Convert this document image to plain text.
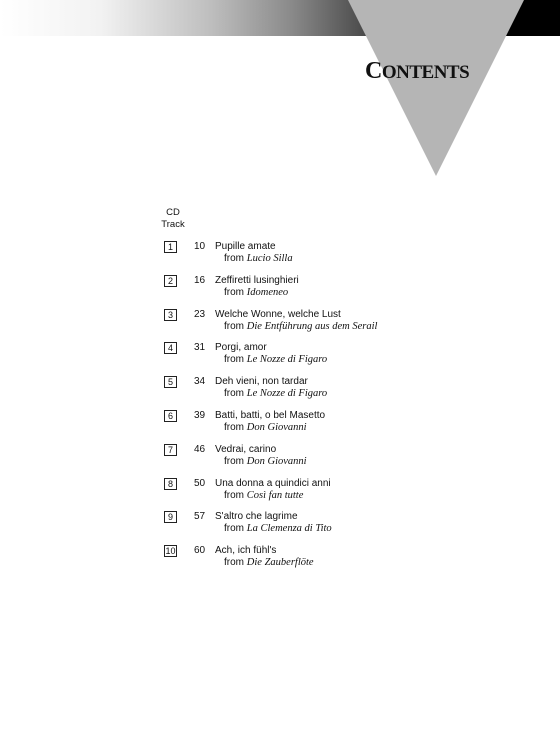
CONTENTS
CD
Track
1	10 Pupille amate
from Lucio Silla
2	16 Zeffiretti lusinghieri
from Idomeneo
3	23 Welche Wonne, welche Lust
from Die Entführung aus dem Serail
4	31 Porgi, amor
from Le Nozze di Figaro
5	34 Deh vieni, non tardar
from Le Nozze di Figaro
6	39 Batti, batti, o bel Masetto
from Don Giovanni
7	46 Vedrai, carino
from Don Giovanni
8	50 Una donna a quindici anni
from Così fan tutte
9	57 S'altro che lagrime
from La Clemenza di Tito
10 60 Ach, ich fühl's
from Die Zauberflöte
